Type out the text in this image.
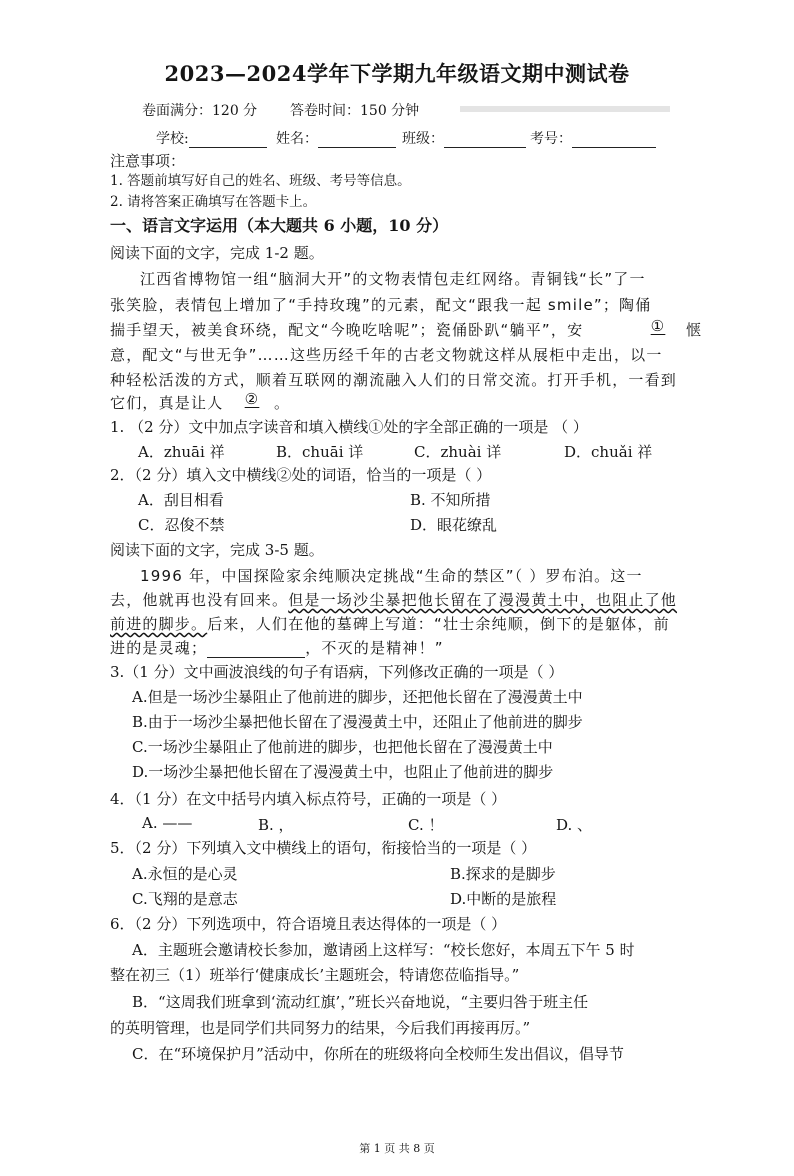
2023—2024学年下学期九年级语文期中测试卷
卷面满分：120 分 答卷时间：150 分钟
学校:	姓名：	班级：	考号：
注意事项：
1. 答题前填写好自己的姓名、班级、考号等信息。
2. 请将答案正确填写在答题卡上。
一、语言文字运用（本大题共 6 小题，10 分）
阅读下面的文字，完成 1-2 题。
江西省博物馆一组“脑洞大开”的文物表情包走红网络。青铜钱“长”了一
张笑脸，表情包上增加了“手持玫瑰”的元素，配文“跟我一起 smile”；陶俑
揣手望天，被美食环绕，配文“今晚吃啥呢”；瓷俑卧趴“躺平”，安	①	惬
意，配文“与世无争”……这些历经千年的古老文物就这样从展柜中走出，以一
种轻松活泼的方式，顺着互联网的潮流融入人们的日常交流。打开手机，一看到
它们，真是让人	② 。
1. （2 分）文中加点字读音和填入横线①处的字全部正确的一项是 （ ）
A．zhuāi 祥	B．chuāi 详	C．zhuài 详	D．chuǎi 祥
2．（2 分）填入文中横线②处的词语，恰当的一项是（ ）
A．刮目相看	B. 不知所措
C．忍俊不禁	D．眼花缭乱
阅读下面的文字，完成 3-5 题。
1996 年，中国探险家余纯顺决定挑战“生命的禁区”（ ）罗布泊。这一
去，他就再也没有回来。但是一场沙尘暴把他长留在了漫漫黄土中，也阻止了他
前进的脚步。后来，人们在他的墓碑上写道：“壮士余纯顺，倒下的是躯体，前
进的是灵魂；	，不灭的是精神！”
3.（1 分）文中画波浪线的句子有语病，下列修改正确的一项是（ ）
A.但是一场沙尘暴阻止了他前进的脚步，还把他长留在了漫漫黄土中
B.由于一场沙尘暴把他长留在了漫漫黄土中，还阻止了他前进的脚步
C.一场沙尘暴阻止了他前进的脚步，也把他长留在了漫漫黄土中
D.一场沙尘暴把他长留在了漫漫黄土中，也阻止了他前进的脚步
4．（1 分）在文中括号内填入标点符号，正确的一项是（ ）
A. ——	B. ，	C. ！	D. 、
5．（2 分）下列填入文中横线上的语句，衔接恰当的一项是（ ）
A.永恒的是心灵	B.探求的是脚步
C.飞翔的是意志	D.中断的是旅程
6．（2 分）下列选项中，符合语境且表达得体的一项是（ ）
A．主题班会邀请校长参加，邀请函上这样写：“校长您好，本周五下午 5 时
整在初三（1）班举行‘健康成长’主题班会，特请您莅临指导。”
B．“这周我们班拿到‘流动红旗’，”班长兴奋地说，“主要归咎于班主任
的英明管理，也是同学们共同努力的结果，今后我们再接再厉。”
C．在“环境保护月”活动中，你所在的班级将向全校师生发出倡议，倡导节
第 1 页 共 8 页
